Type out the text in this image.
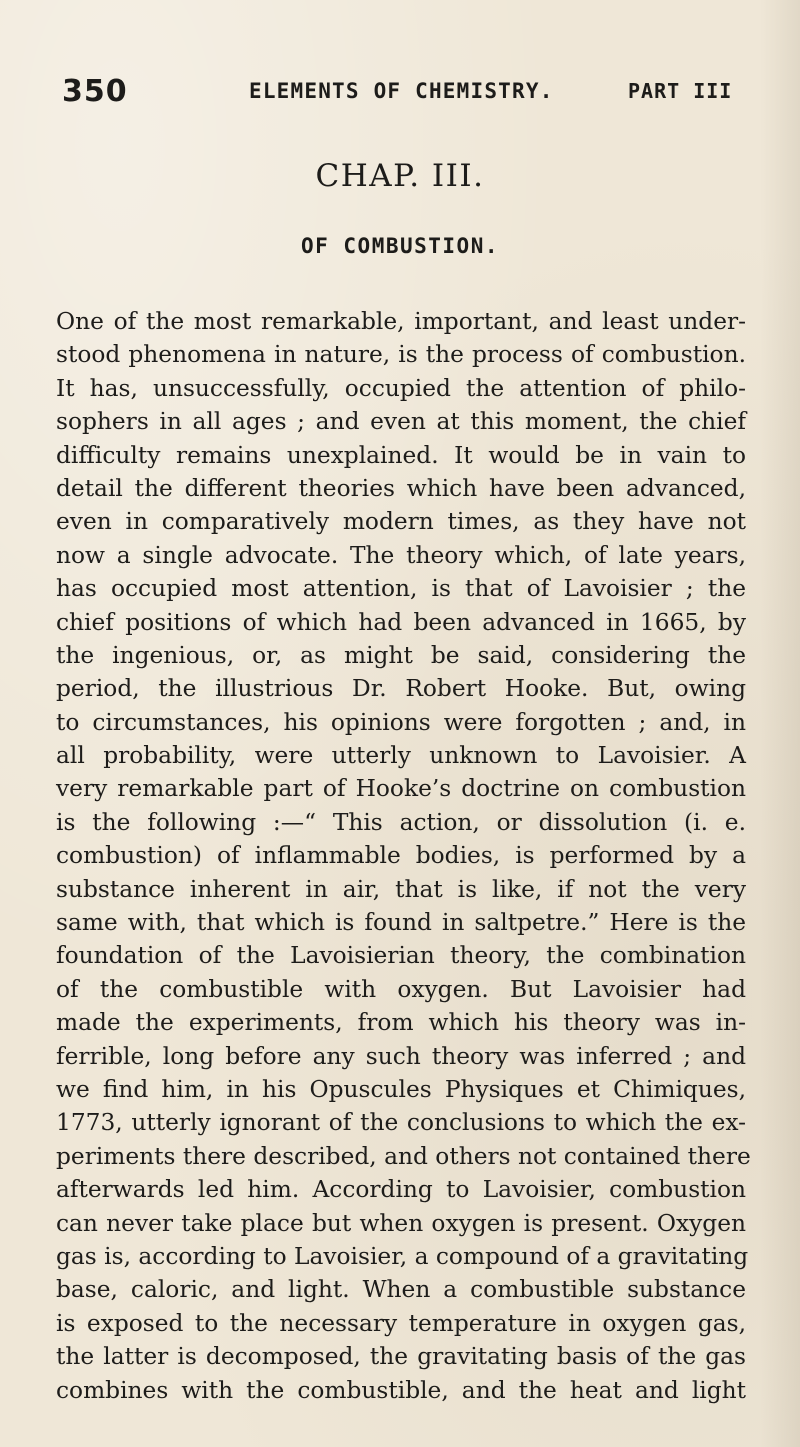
350	ELEMENTS OF CHEMISTRY.	PART III
CHAP. III.
OF COMBUSTION.
One of the most remarkable, important, and least under-
stood phenomena in nature, is the process of combustion.
It has, unsuccessfully, occupied the attention of philo-
sophers in all ages ; and even at this moment, the chief
difficulty remains unexplained. It would be in vain to
detail the different theories which have been advanced,
even in comparatively modern times, as they have not
now a single advocate. The theory which, of late years,
has occupied most attention, is that of Lavoisier ; the
chief positions of which had been advanced in 1665, by
the ingenious, or, as might be said, considering the
period, the illustrious Dr. Robert Hooke. But, owing
to circumstances, his opinions were forgotten ; and, in
all probability, were utterly unknown to Lavoisier. A
very remarkable part of Hooke’s doctrine on combustion
is the following :—“ This action, or dissolution (i. e.
combustion) of inflammable bodies, is performed by a
substance inherent in air, that is like, if not the very
same with, that which is found in saltpetre.” Here is the
foundation of the Lavoisierian theory, the combination
of the combustible with oxygen. But Lavoisier had
made the experiments, from which his theory was in-
ferrible, long before any such theory was inferred ; and
we find him, in his Opuscules Physiques et Chimiques,
1773, utterly ignorant of the conclusions to which the ex-
periments there described, and others not contained there
afterwards led him. According to Lavoisier, combustion
can never take place but when oxygen is present. Oxygen
gas is, according to Lavoisier, a compound of a gravitating
base, caloric, and light. When a combustible substance
is exposed to the necessary temperature in oxygen gas,
the latter is decomposed, the gravitating basis of the gas
combines with the combustible, and the heat and light
